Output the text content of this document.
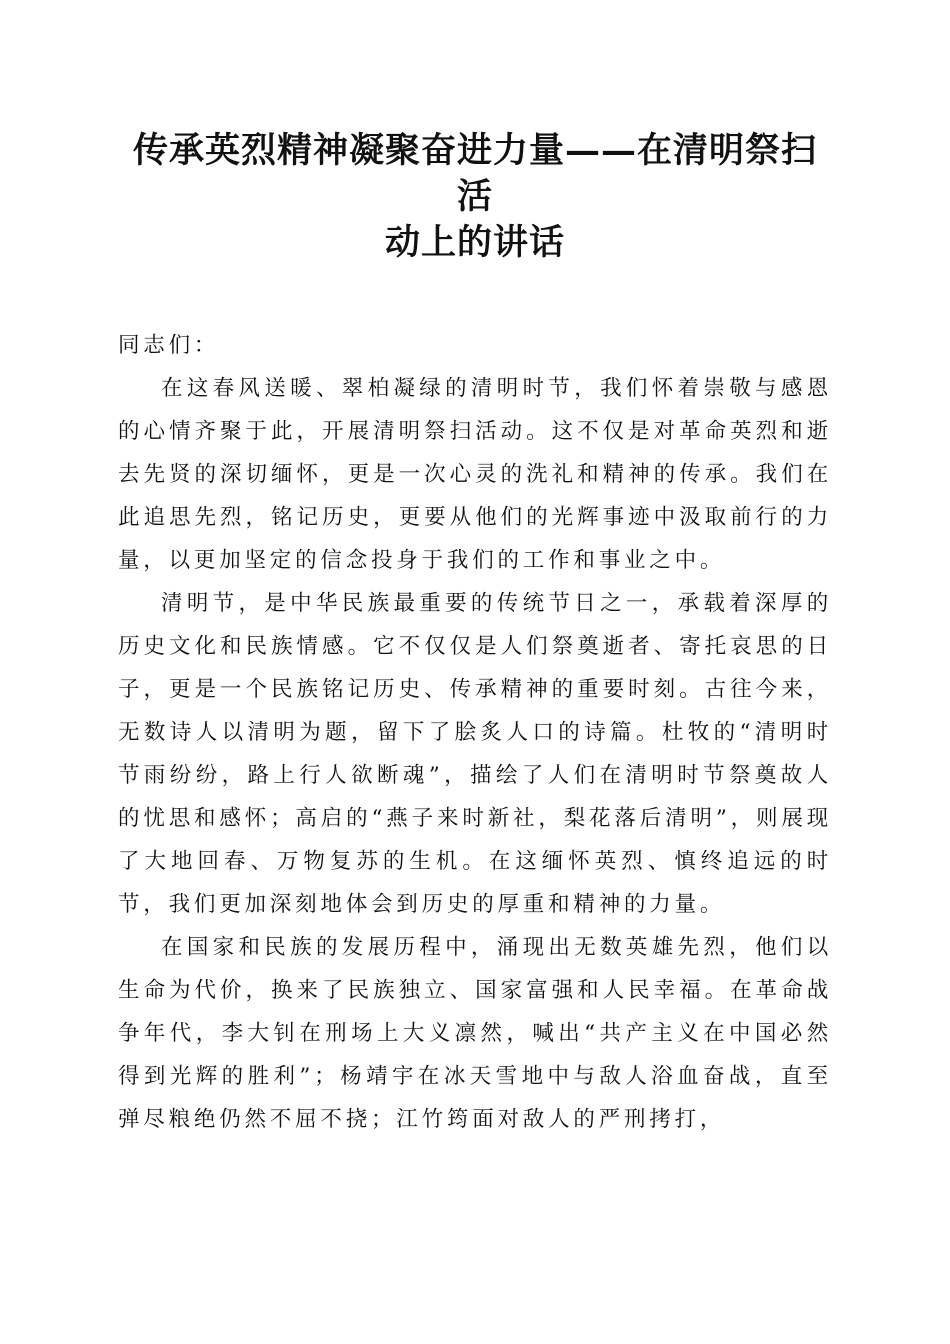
传承英烈精神凝聚奋进力量——在清明祭扫活
动上的讲话

同志们：

在这春风送暖、翠柏凝绿的清明时节，我们怀着崇敬与感恩的心情齐聚于此，开展清明祭扫活动。这不仅是对革命英烈和逝去先贤的深切缅怀，更是一次心灵的洗礼和精神的传承。我们在此追思先烈，铭记历史，更要从他们的光辉事迹中汲取前行的力量，以更加坚定的信念投身于我们的工作和事业之中。

清明节，是中华民族最重要的传统节日之一，承载着深厚的历史文化和民族情感。它不仅仅是人们祭奠逝者、寄托哀思的日子，更是一个民族铭记历史、传承精神的重要时刻。古往今来，无数诗人以清明为题，留下了脍炙人口的诗篇。杜牧的“清明时节雨纷纷，路上行人欲断魂”，描绘了人们在清明时节祭奠故人的忧思和感怀；高启的“燕子来时新社，梨花落后清明”，则展现了大地回春、万物复苏的生机。在这缅怀英烈、慎终追远的时节，我们更加深刻地体会到历史的厚重和精神的力量。

在国家和民族的发展历程中，涌现出无数英雄先烈，他们以生命为代价，换来了民族独立、国家富强和人民幸福。在革命战争年代，李大钊在刑场上大义凛然，喊出“共产主义在中国必然得到光辉的胜利”；杨靖宇在冰天雪地中与敌人浴血奋战，直至弹尽粮绝仍然不屈不挠；江竹筠面对敌人的严刑拷打，
